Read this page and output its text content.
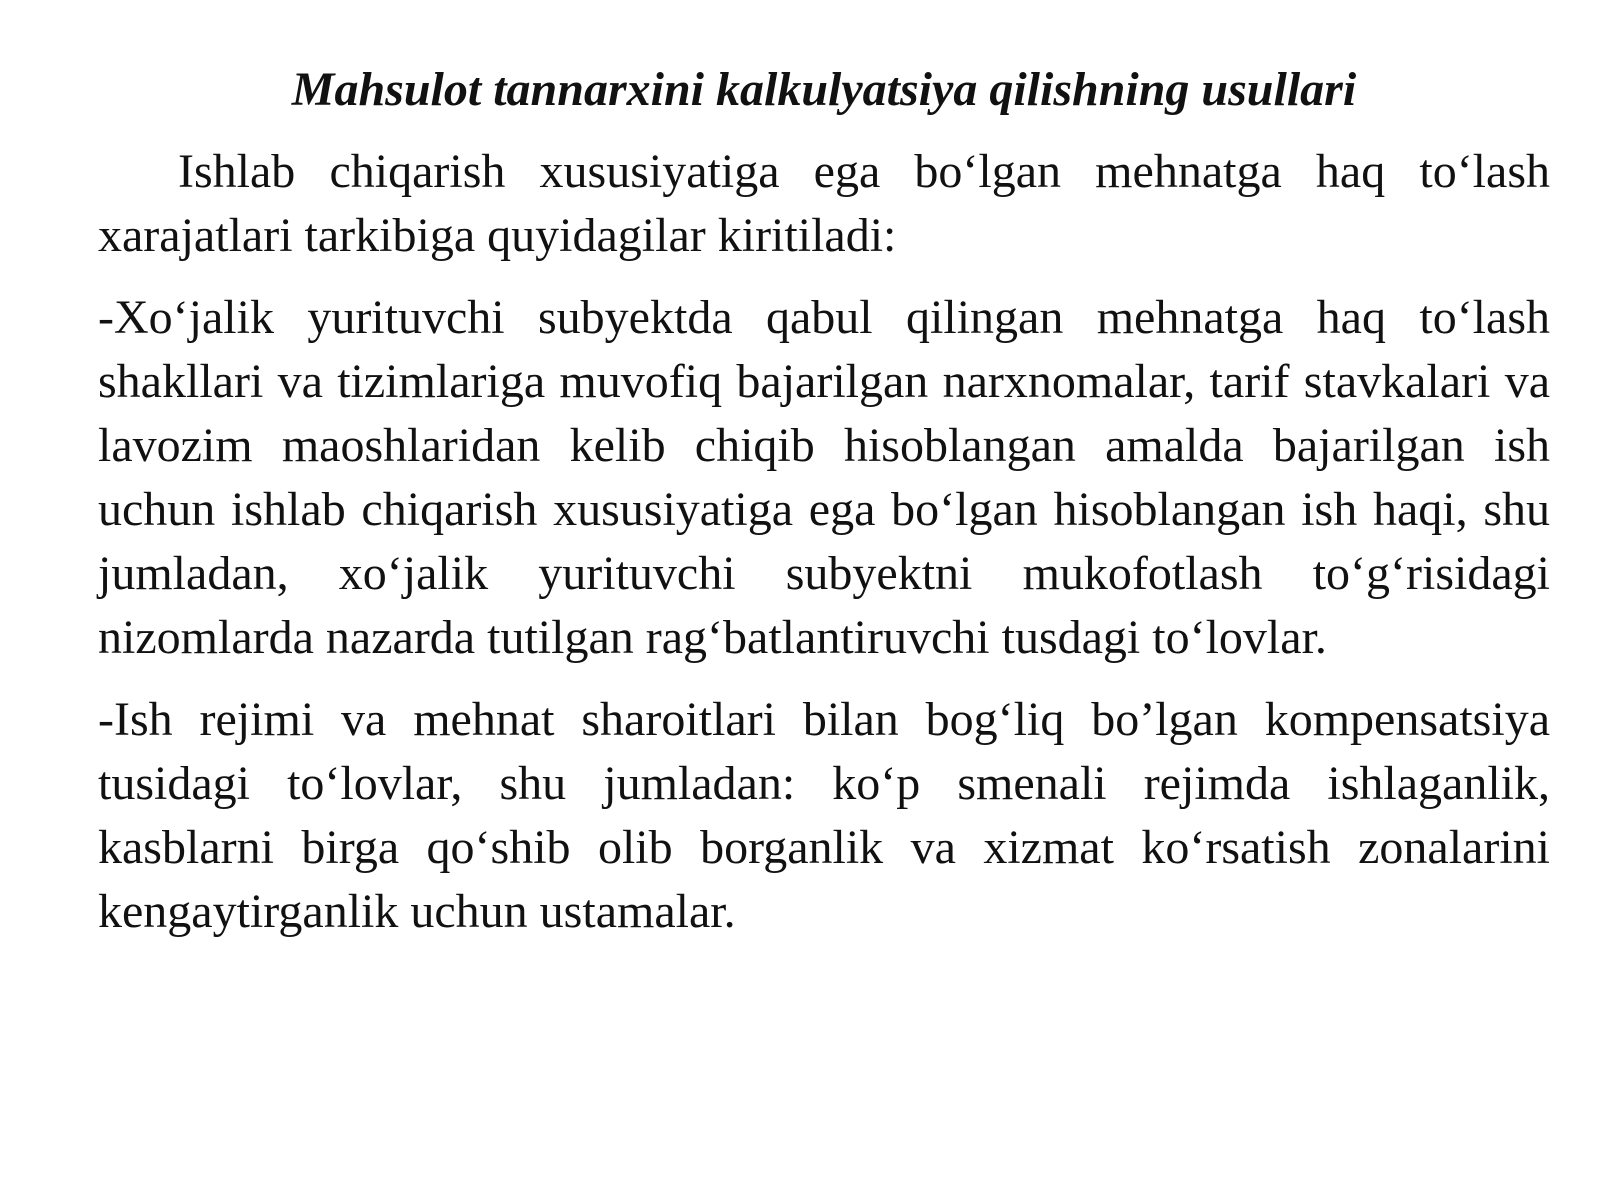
Mahsulot tannarxini kalkulyatsiya qilishning usullari

Ishlab chiqarish xususiyatiga ega bo‘lgan mehnatga haq to‘lash xarajatlari tarkibiga quyidagilar kiritiladi:

-Xo‘jalik yurituvchi subyektda qabul qilingan mehnatga haq to‘lash shakllari va tizimlariga muvofiq bajarilgan narxnomalar, tarif stavkalari va lavozim maoshlaridan kelib chiqib hisoblangan amalda bajarilgan ish uchun ishlab chiqarish xususiyatiga ega bo‘lgan hisoblangan ish haqi, shu jumladan, xo‘jalik yurituvchi subyektni mukofotlash to‘g‘risidagi nizomlarda nazarda tutilgan rag‘batlantiruvchi tusdagi to‘lovlar.

-Ish rejimi va mehnat sharoitlari bilan bog‘liq bo’lgan kompensatsiya tusidagi to‘lovlar, shu jumladan: ko‘p smenali rejimda ishlaganlik, kasblarni birga qo‘shib olib borganlik va xizmat ko‘rsatish zonalarini kengaytirganlik uchun ustamalar.
